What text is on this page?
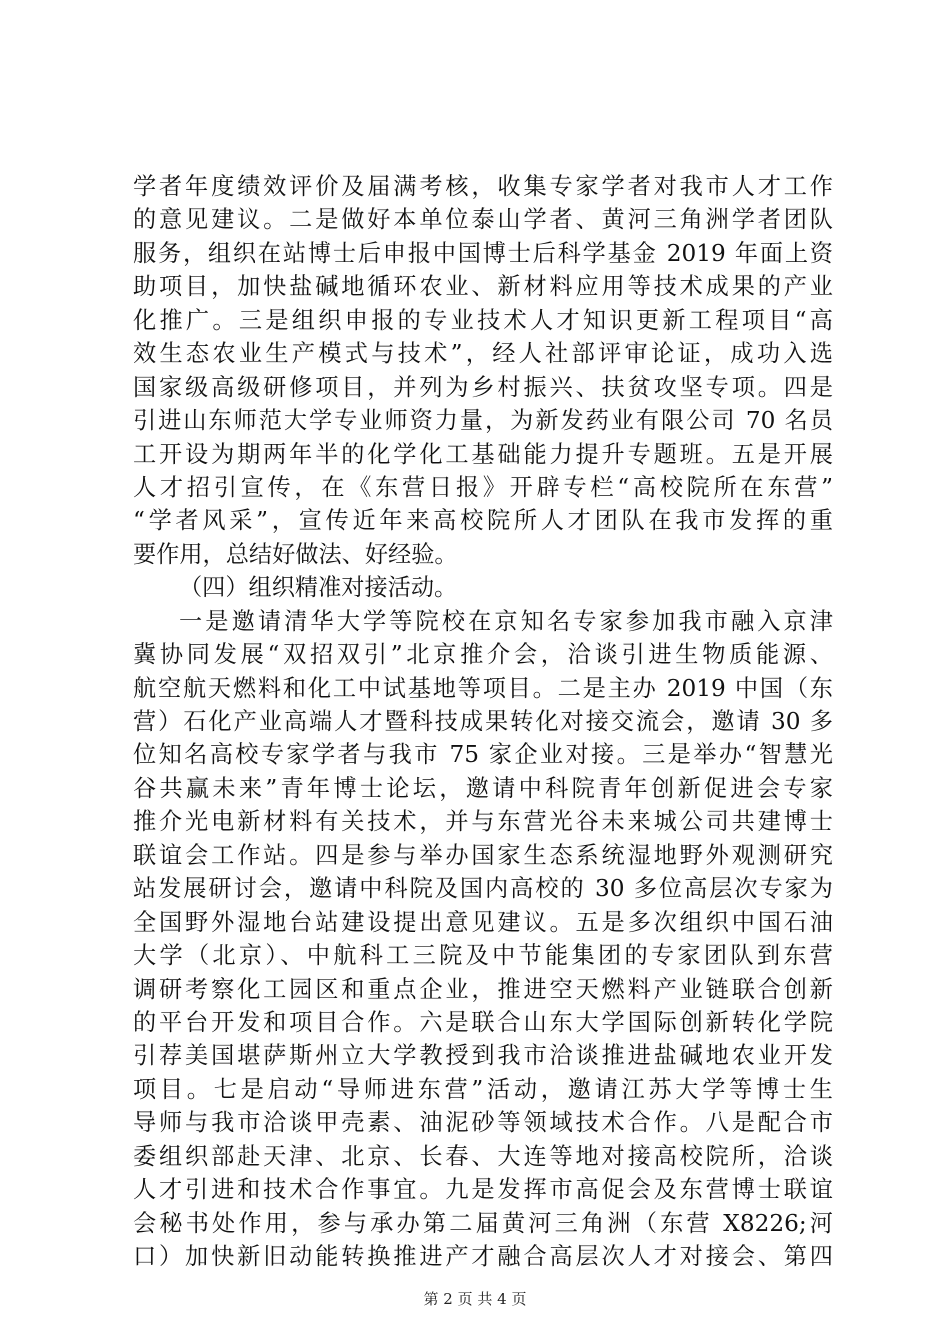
学者年度绩效评价及届满考核，收集专家学者对我市人才工作
的意见建议。二是做好本单位泰山学者、黄河三角洲学者团队
服务，组织在站博士后申报中国博士后科学基金 2019 年面上资
助项目，加快盐碱地循环农业、新材料应用等技术成果的产业
化推广。三是组织申报的专业技术人才知识更新工程项目“高
效生态农业生产模式与技术”，经人社部评审论证，成功入选
国家级高级研修项目，并列为乡村振兴、扶贫攻坚专项。四是
引进山东师范大学专业师资力量，为新发药业有限公司 70 名员
工开设为期两年半的化学化工基础能力提升专题班。五是开展
人才招引宣传，在《东营日报》开辟专栏“高校院所在东营”
“学者风采”，宣传近年来高校院所人才团队在我市发挥的重
要作用，总结好做法、好经验。
（四）组织精准对接活动。
一是邀请清华大学等院校在京知名专家参加我市融入京津
冀协同发展“双招双引”北京推介会，洽谈引进生物质能源、
航空航天燃料和化工中试基地等项目。二是主办 2019 中国（东
营）石化产业高端人才暨科技成果转化对接交流会，邀请 30 多
位知名高校专家学者与我市 75 家企业对接。三是举办“智慧光
谷共赢未来”青年博士论坛，邀请中科院青年创新促进会专家
推介光电新材料有关技术，并与东营光谷未来城公司共建博士
联谊会工作站。四是参与举办国家生态系统湿地野外观测研究
站发展研讨会，邀请中科院及国内高校的 30 多位高层次专家为
全国野外湿地台站建设提出意见建议。五是多次组织中国石油
大学（北京）、中航科工三院及中节能集团的专家团队到东营
调研考察化工园区和重点企业，推进空天燃料产业链联合创新
的平台开发和项目合作。六是联合山东大学国际创新转化学院
引荐美国堪萨斯州立大学教授到我市洽谈推进盐碱地农业开发
项目。七是启动“导师进东营”活动，邀请江苏大学等博士生
导师与我市洽谈甲壳素、油泥砂等领域技术合作。八是配合市
委组织部赴天津、北京、长春、大连等地对接高校院所，洽谈
人才引进和技术合作事宜。九是发挥市高促会及东营博士联谊
会秘书处作用，参与承办第二届黄河三角洲（东营 X8226;河
口）加快新旧动能转换推进产才融合高层次人才对接会、第四
第 2 页 共 4 页
